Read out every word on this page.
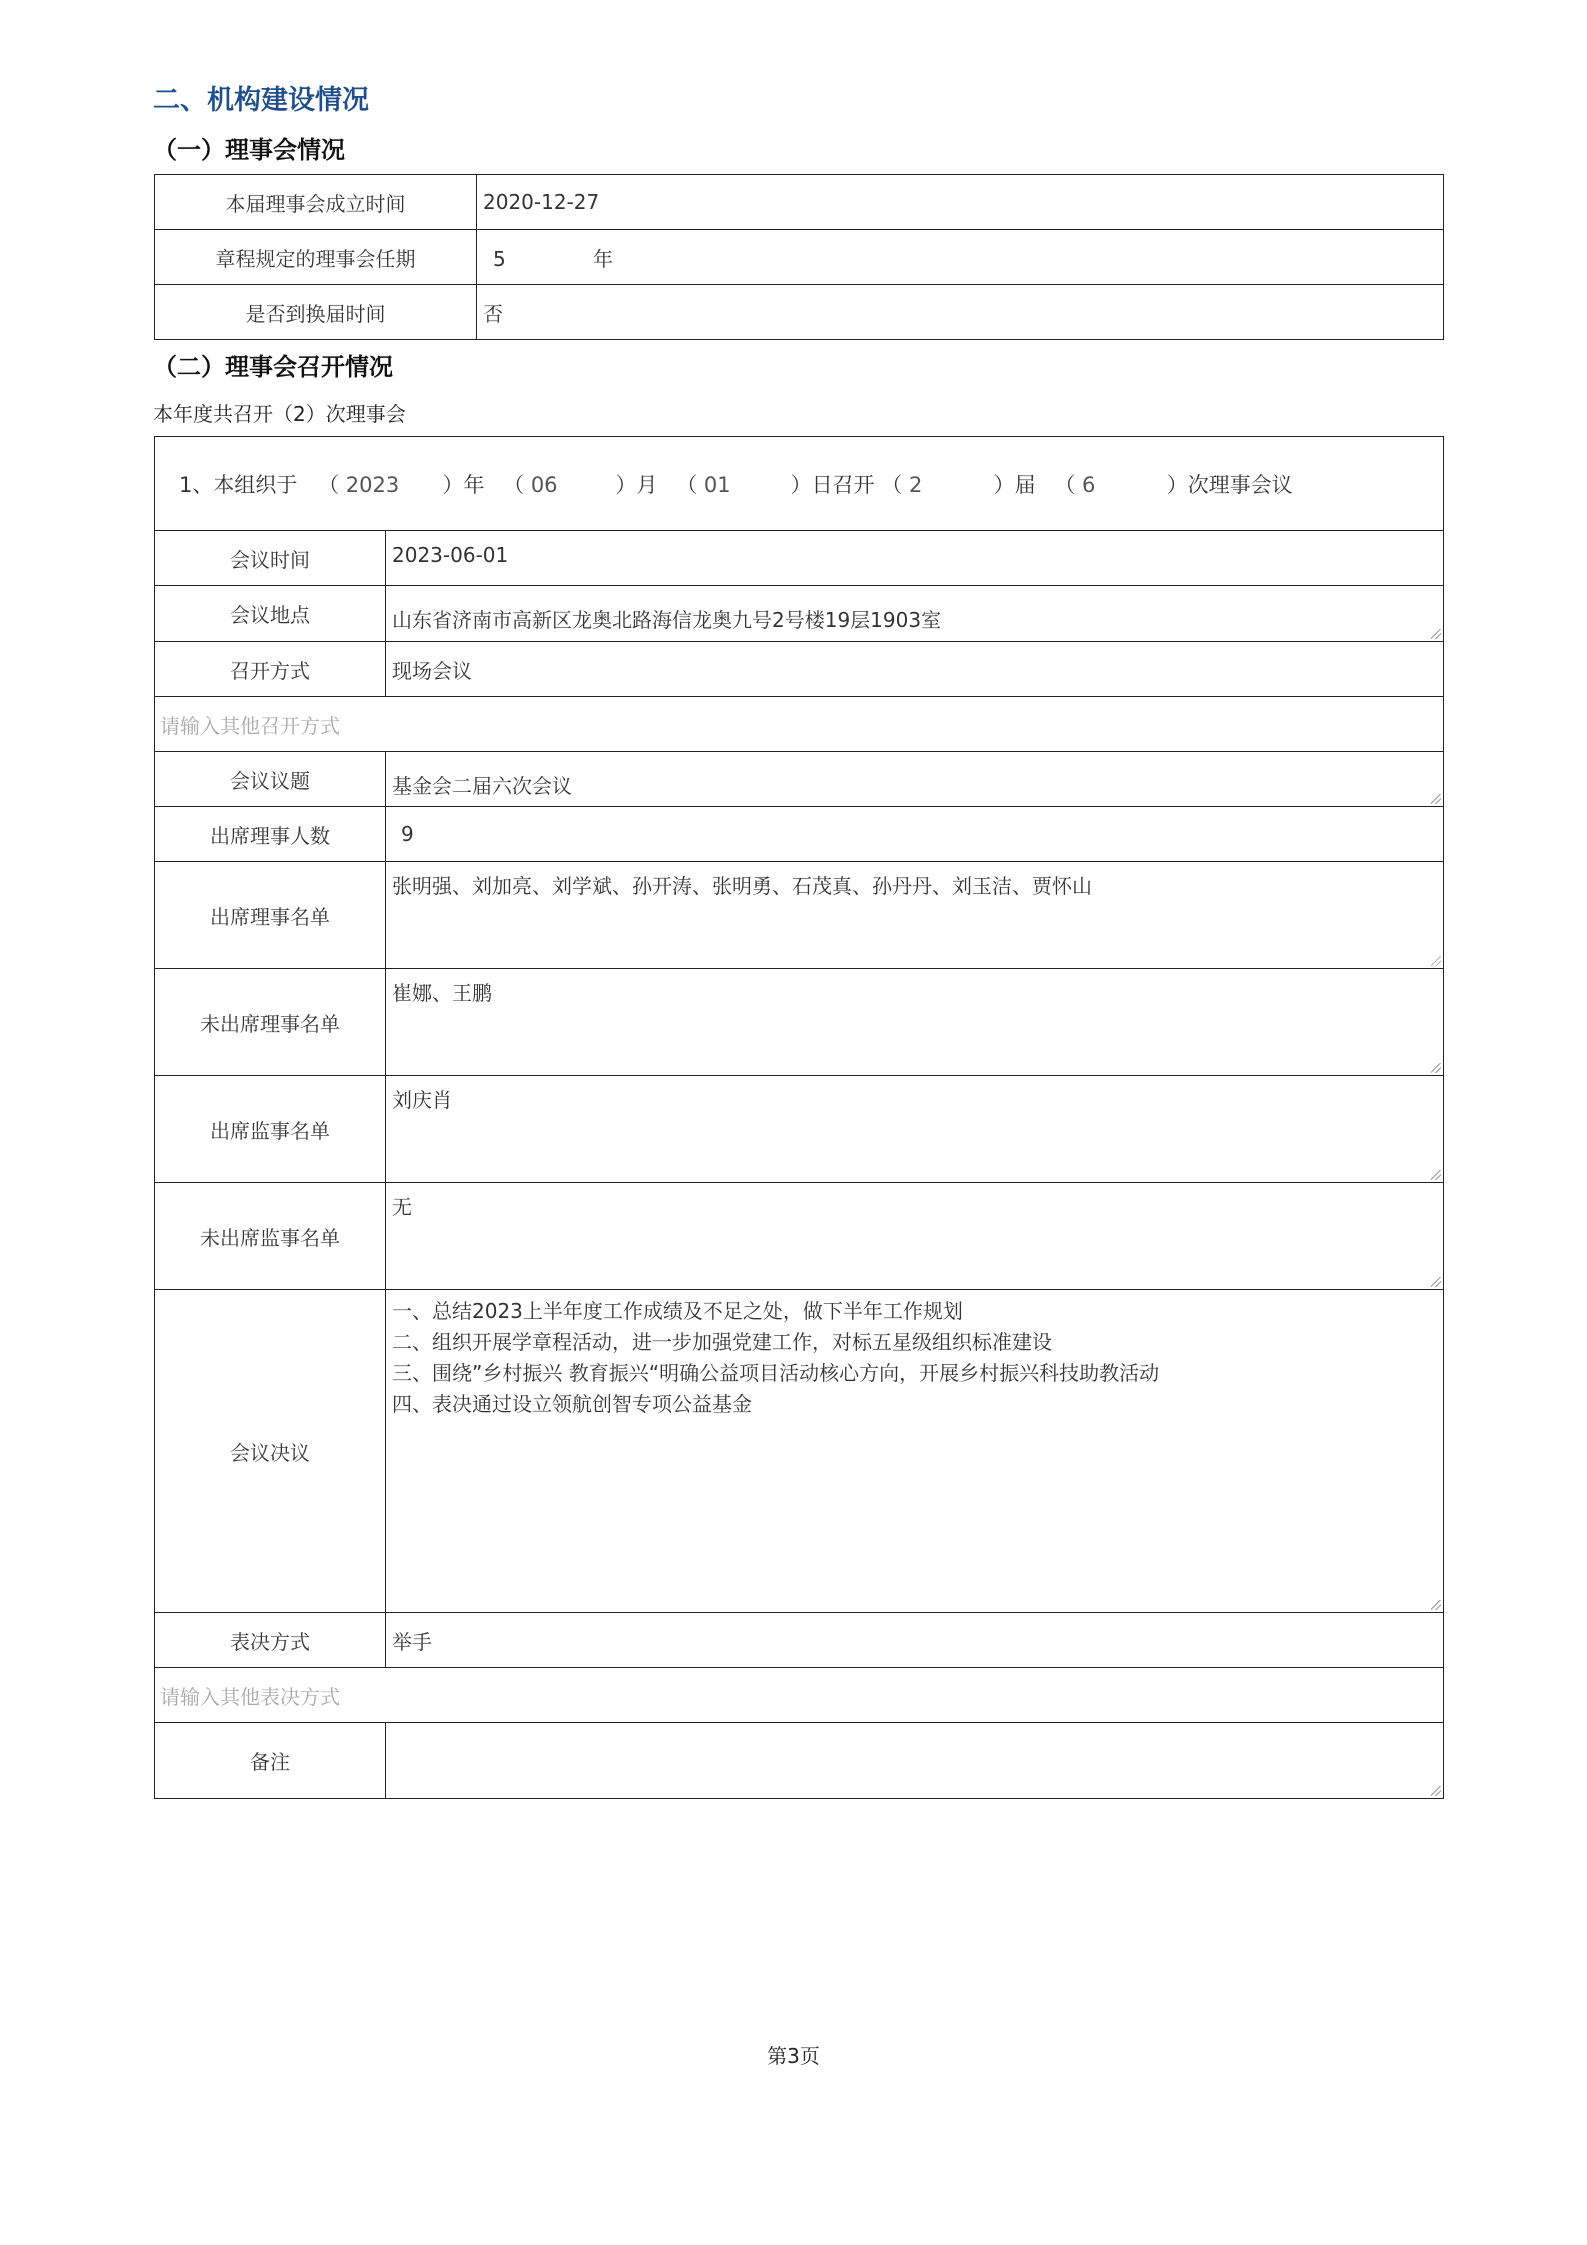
二、机构建设情况
（一）理事会情况
本届理事会成立时间	2020-12-27
章程规定的理事会任期	5 年
是否到换届时间	否
（二）理事会召开情况
本年度共召开（2）次理事会
1、本组织于 （ 2023 ）年 （ 06 ）月 （ 01 ）日召开 （ 2 ）届 （ 6 ）次理事会议	
会议时间	2023-06-01
会议地点	山东省济南市高新区龙奥北路海信龙奥九号2号楼19层1903室

召开方式	现场会议
请输入其他召开方式	
会议议题	基金会二届六次会议

出席理事人数	9
出席理事名单	张明强、刘加亮、刘学斌、孙开涛、张明勇、石茂真、孙丹丹、刘玉洁、贾怀山

未出席理事名单	崔娜、王鹏

出席监事名单	刘庆肖

未出席监事名单	无

会议决议	一、总结2023上半年度工作成绩及不足之处，做下半年工作规划
二、组织开展学章程活动，进一步加强党建工作，对标五星级组织标准建设
三、围绕”乡村振兴 教育振兴“明确公益项目活动核心方向，开展乡村振兴科技助教活动
四、表决通过设立领航创智专项公益基金

表决方式	举手
请输入其他表决方式	
备注	
第3页
